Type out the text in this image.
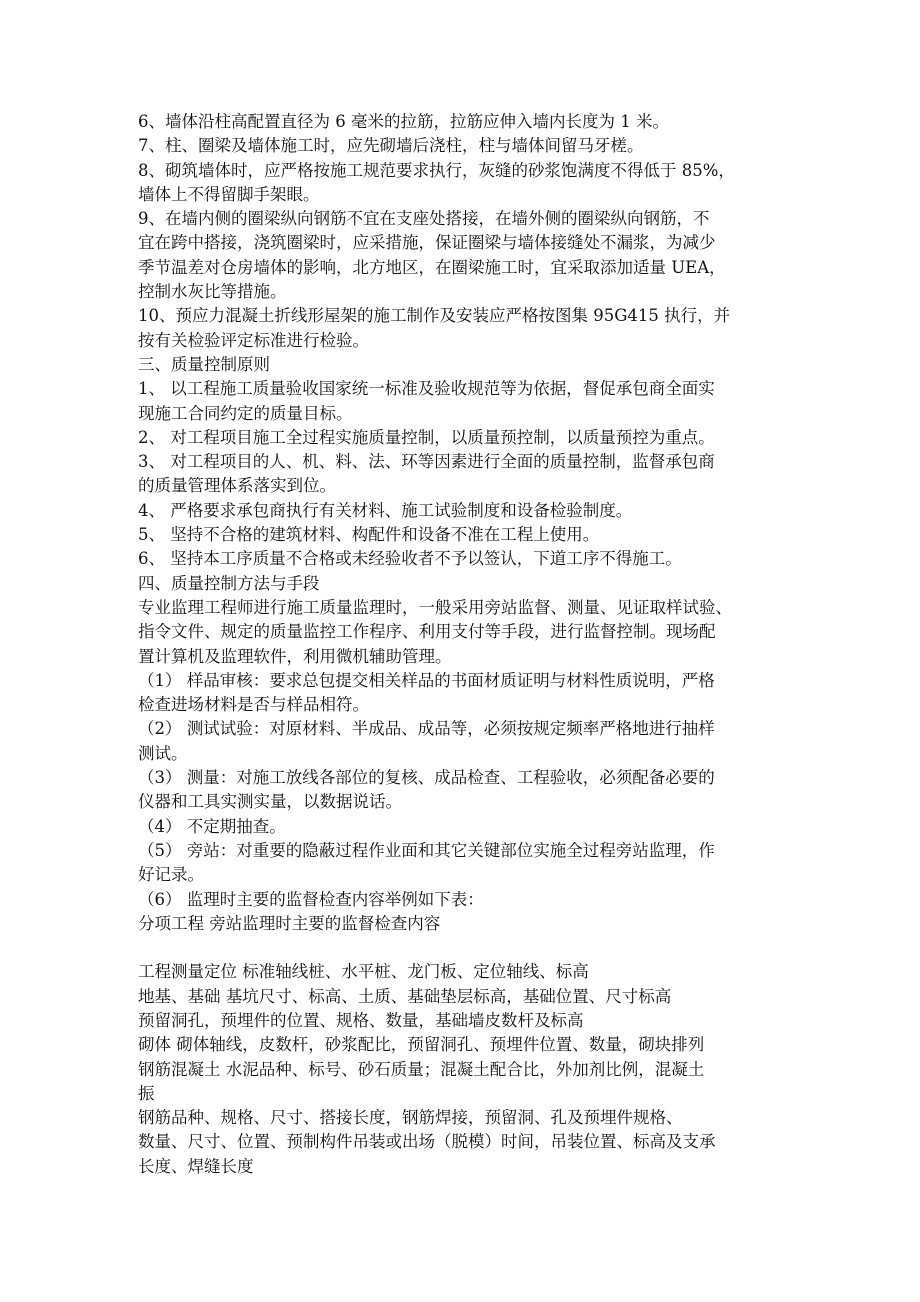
6、墙体沿柱高配置直径为 6 毫米的拉筋，拉筋应伸入墙内长度为 1 米。
7、柱、圈梁及墙体施工时，应先砌墙后浇柱，柱与墙体间留马牙槎。
8、砌筑墙体时，应严格按施工规范要求执行，灰缝的砂浆饱满度不得低于 85%，
墙体上不得留脚手架眼。
9、在墙内侧的圈梁纵向钢筋不宜在支座处搭接，在墙外侧的圈梁纵向钢筋，不
宜在跨中搭接，浇筑圈梁时，应采措施，保证圈梁与墙体接缝处不漏浆，为减少
季节温差对仓房墙体的影响，北方地区，在圈梁施工时，宜采取添加适量 UEA，
控制水灰比等措施。
10、预应力混凝土折线形屋架的施工制作及安装应严格按图集 95G415 执行，并
按有关检验评定标准进行检验。
三、质量控制原则
1、 以工程施工质量验收国家统一标准及验收规范等为依据，督促承包商全面实
现施工合同约定的质量目标。
2、 对工程项目施工全过程实施质量控制，以质量预控制，以质量预控为重点。
3、 对工程项目的人、机、料、法、环等因素进行全面的质量控制，监督承包商
的质量管理体系落实到位。
4、 严格要求承包商执行有关材料、施工试验制度和设备检验制度。
5、 坚持不合格的建筑材料、构配件和设备不准在工程上使用。
6、 坚持本工序质量不合格或未经验收者不予以签认，下道工序不得施工。
四、质量控制方法与手段
专业监理工程师进行施工质量监理时，一般采用旁站监督、测量、见证取样试验、
指令文件、规定的质量监控工作程序、利用支付等手段，进行监督控制。现场配
置计算机及监理软件，利用微机辅助管理。
（1） 样品审核：要求总包提交相关样品的书面材质证明与材料性质说明，严格
检查进场材料是否与样品相符。
（2） 测试试验：对原材料、半成品、成品等，必须按规定频率严格地进行抽样
测试。
（3） 测量：对施工放线各部位的复核、成品检查、工程验收，必须配备必要的
仪器和工具实测实量，以数据说话。
（4） 不定期抽查。
（5） 旁站：对重要的隐蔽过程作业面和其它关键部位实施全过程旁站监理，作
好记录。
（6） 监理时主要的监督检查内容举例如下表：
分项工程 旁站监理时主要的监督检查内容
工程测量定位 标准轴线桩、水平桩、龙门板、定位轴线、标高
地基、基础 基坑尺寸、标高、土质、基础垫层标高，基础位置、尺寸标高
预留洞孔，预埋件的位置、规格、数量，基础墙皮数杆及标高
砌体 砌体轴线，皮数杆，砂浆配比，预留洞孔、预埋件位置、数量，砌块排列
钢筋混凝土 水泥品种、标号、砂石质量；混凝土配合比，外加剂比例，混凝土
振
钢筋品种、规格、尺寸、搭接长度，钢筋焊接，预留洞、孔及预埋件规格、
数量、尺寸、位置、预制构件吊装或出场（脱模）时间，吊装位置、标高及支承
长度、焊缝长度
